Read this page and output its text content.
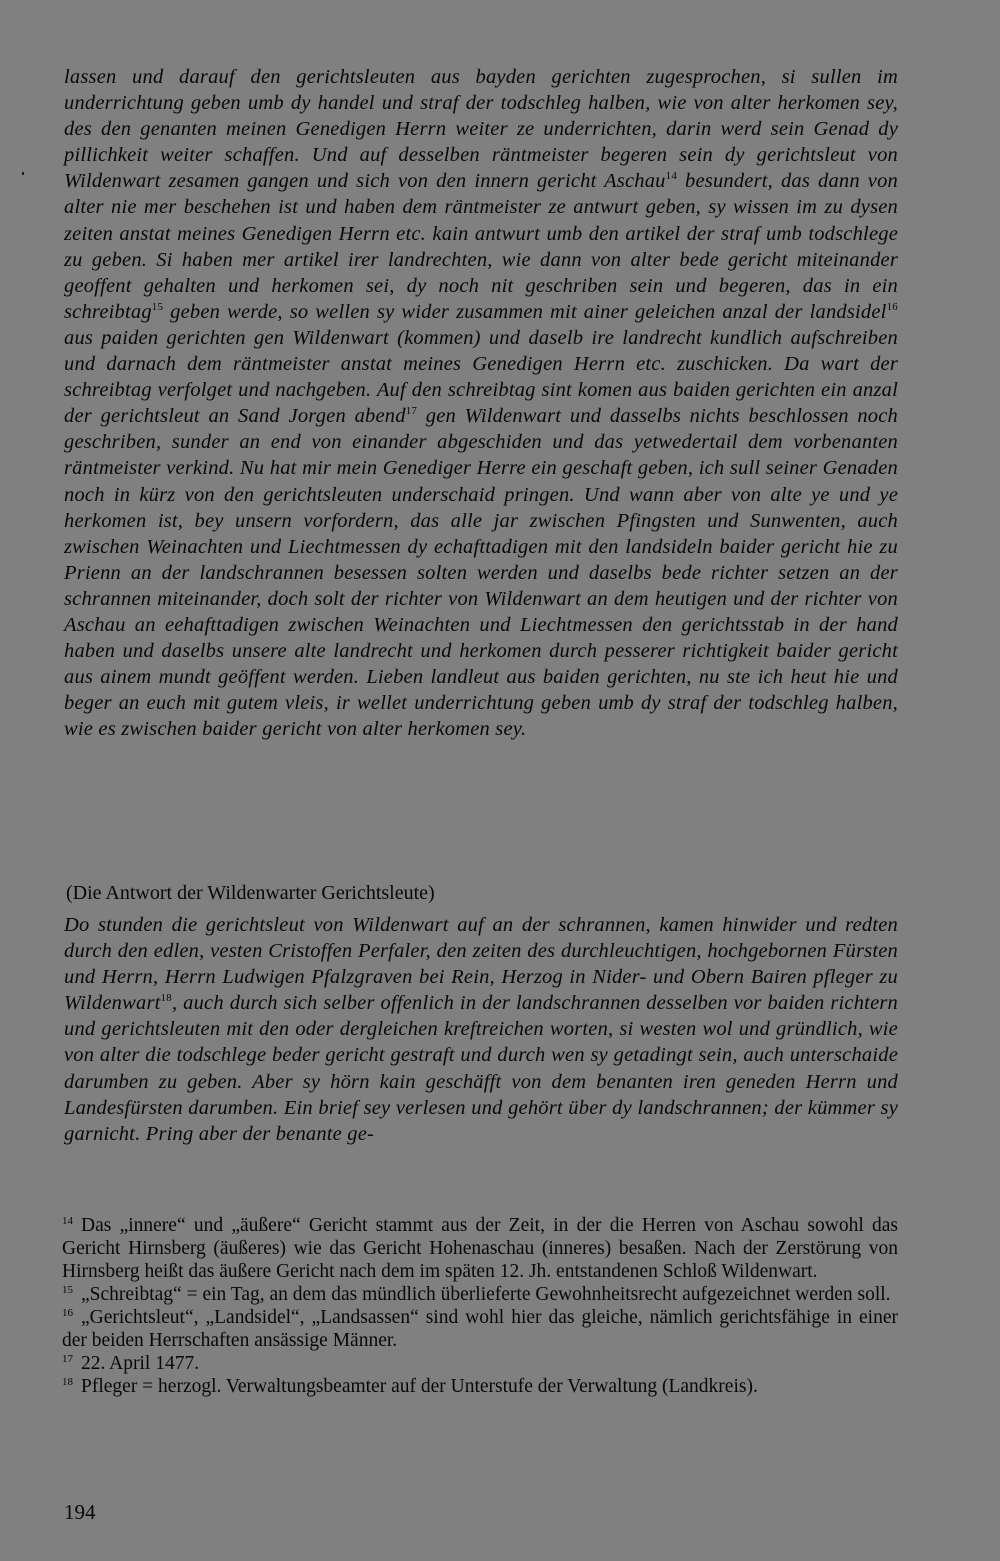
lassen und darauf den gerichtsleuten aus bayden gerichten zugesprochen, si sullen im underrichtung geben umb dy handel und straf der todschleg halben, wie von alter herkomen sey, des den genanten meinen Genedigen Herrn weiter ze underrichten, darin werd sein Genad dy pillichkeit weiter schaffen. Und auf desselben räntmeister begeren sein dy gerichtsleut von Wildenwart zesamen gangen und sich von den innern gericht Aschau$^{14}$ besundert, das dann von alter nie mer beschehen ist und haben dem räntmeister ze antwurt geben, sy wissen im zu dysen zeiten anstat meines Genedigen Herrn etc. kain antwurt umb den artikel der straf umb todschlege zu geben. Si haben mer artikel irer landrechten, wie dann von alter bede gericht miteinander geoffent gehalten und herkomen sei, dy noch nit geschriben sein und begeren, das in ein schreibtag$^{15}$ geben werde, so wellen sy wider zusammen mit ainer geleichen anzal der landsidel$^{16}$ aus paiden gerichten gen Wildenwart (kommen) und daselb ire landrecht kundlich aufschreiben und darnach dem räntmeister anstat meines Genedigen Herrn etc. zuschicken. Da wart der schreibtag verfolget und nachgeben. Auf den schreibtag sint komen aus baiden gerichten ein anzal der gerichtsleut an Sand Jorgen abend$^{17}$ gen Wildenwart und dasselbs nichts beschlossen noch geschriben, sunder an end von einander abgeschiden und das yetwedertail dem vorbenanten räntmeister verkind. Nu hat mir mein Genediger Herre ein geschaft geben, ich sull seiner Genaden noch in kürz von den gerichtsleuten underschaid pringen. Und wann aber von alte ye und ye herkomen ist, bey unsern vorfordern, das alle jar zwischen Pfingsten und Sunwenten, auch zwischen Weinachten und Liechtmessen dy echafttadigen mit den landsideln baider gericht hie zu Prienn an der landschrannen besessen solten werden und daselbs bede richter setzen an der schrannen miteinander, doch solt der richter von Wildenwart an dem heutigen und der richter von Aschau an eehafttadigen zwischen Weinachten und Liechtmessen den gerichtsstab in der hand haben und daselbs unsere alte landrecht und herkomen durch pesserer richtigkeit baider gericht aus ainem mundt geöffent werden. Lieben landleut aus baiden gerichten, nu ste ich heut hie und beger an euch mit gutem vleis, ir wellet underrichtung geben umb dy straf der todschleg halben, wie es zwischen baider gericht von alter herkomen sey.
(Die Antwort der Wildenwarter Gerichtsleute)
Do stunden die gerichtsleut von Wildenwart auf an der schrannen, kamen hinwider und redten durch den edlen, vesten Cristoffen Perfaler, den zeiten des durchleuchtigen, hochgebornen Fürsten und Herrn, Herrn Ludwigen Pfalzgraven bei Rein, Herzog in Nider- und Obern Bairen pfleger zu Wildenwart$^{18}$, auch durch sich selber offenlich in der landschrannen desselben vor baiden richtern und gerichtsleuten mit den oder dergleichen kreftreichen worten, si westen wol und gründlich, wie von alter die todschlege beder gericht gestraft und durch wen sy getadingt sein, auch unterschaide darumben zu geben. Aber sy hörn kain geschäfft von dem benanten iren geneden Herrn und Landesfürsten darumben. Ein brief sey verlesen und gehört über dy landschrannen; der kümmer sy garnicht. Pring aber der benante ge-

$^{14}$ Das „innere“ und „äußere“ Gericht stammt aus der Zeit, in der die Herren von Aschau sowohl das Gericht Hirnsberg (äußeres) wie das Gericht Hohenaschau (inneres) besaßen. Nach der Zerstörung von Hirnsberg heißt das äußere Gericht nach dem im späten 12. Jh. entstandenen Schloß Wildenwart.

$^{15}$ „Schreibtag“ = ein Tag, an dem das mündlich überlieferte Gewohnheitsrecht aufgezeichnet werden soll.

$^{16}$ „Gerichtsleut“, „Landsidel“, „Landsassen“ sind wohl hier das gleiche, nämlich gerichtsfähige in einer der beiden Herrschaften ansässige Männer.

$^{17}$ 22. April 1477.

$^{18}$ Pfleger = herzogl. Verwaltungsbeamter auf der Unterstufe der Verwaltung (Landkreis).

194
